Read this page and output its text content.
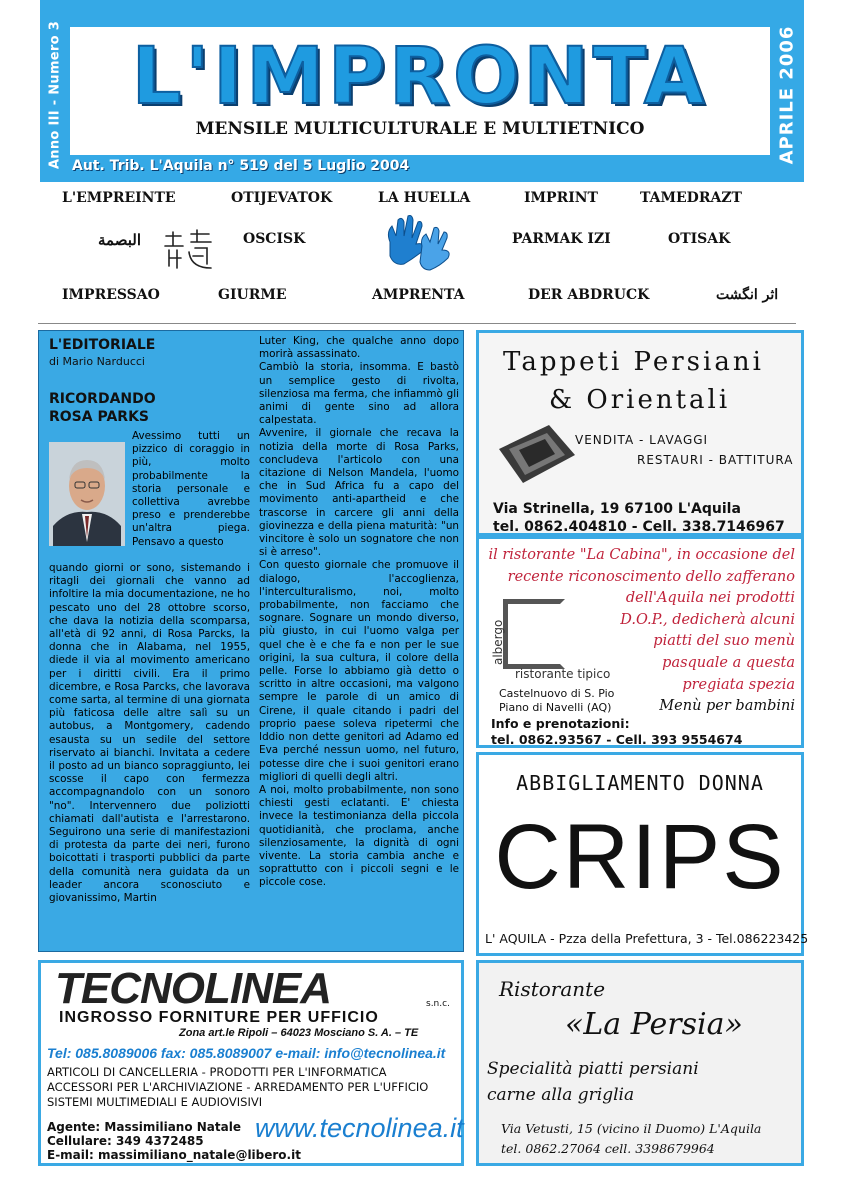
Anno III - Numero 3	APRILE 2006
L'IMPRONTA
MENSILE MULTICULTURALE E MULTIETNICO
Aut. Trib. L'Aquila n° 519 del 5 Luglio 2004
L'EMPREINTE	OTIJEVATOK	LA HUELLA	IMPRINT	TAMEDRAZT
البصمة	OSCISK	PARMAK IZI	OTISAK
IMPRESSAO	GIURME	AMPRENTA	DER ABDRUCK	اثر انگشت
L'EDITORIALE
di Mario Narducci
RICORDANDO
ROSA PARKS
Avessimo tutti un pizzico di coraggio in più, molto probabilmente la storia personale e collettiva avrebbe preso e prenderebbe un'altra piega. Pensavo a questo
quando giorni or sono, sistemando i ritagli dei giornali che vanno ad infoltire la mia documentazione, ne ho pescato uno del 28 ottobre scorso, che dava la notizia della scomparsa, all'età di 92 anni, di Rosa Parcks, la donna che in Alabama, nel 1955, diede il via al movimento americano per i diritti civili. Era il primo dicembre, e Rosa Parcks, che lavorava come sarta, al termine di una giornata più faticosa delle altre salì su un autobus, a Montgomery, cadendo esausta su un sedile del settore riservato ai bianchi. Invitata a cedere il posto ad un bianco sopraggiunto, lei scosse il capo con fermezza accompagnandolo con un sonoro "no". Intervennero due poliziotti chiamati dall'autista e l'arrestarono. Seguirono una serie di manifestazioni di protesta da parte dei neri, furono boicottati i trasporti pubblici da parte della comunità nera guidata da un leader ancora sconosciuto e giovanissimo, Martin

Luter King, che qualche anno dopo morirà assassinato.

Cambiò la storia, insomma. E bastò un semplice gesto di rivolta, silenziosa ma ferma, che infiammò gli animi di gente sino ad allora calpestata.

Avvenire, il giornale che recava la notizia della morte di Rosa Parks, concludeva l'articolo con una citazione di Nelson Mandela, l'uomo che in Sud Africa fu a capo del movimento anti-apartheid e che trascorse in carcere gli anni della giovinezza e della piena maturità: "un vincitore è solo un sognatore che non si è arreso".

Con questo giornale che promuove il dialogo, l'accoglienza, l'interculturalismo, noi, molto probabilmente, non facciamo che sognare. Sognare un mondo diverso, più giusto, in cui l'uomo valga per quel che è e che fa e non per le sue origini, la sua cultura, il colore della pelle. Forse lo abbiamo già detto o scritto in altre occasioni, ma valgono sempre le parole di un amico di Cirene, il quale citando i padri del proprio paese soleva ripetermi che Iddio non dette genitori ad Adamo ed Eva perché nessun uomo, nel futuro, potesse dire che i suoi genitori erano migliori di quelli degli altri.

A noi, molto probabilmente, non sono chiesti gesti eclatanti. E' chiesta invece la testimonianza della piccola quotidianità, che proclama, anche silenziosamente, la dignità di ogni vivente. La storia cambia anche e soprattutto con i piccoli segni e le piccole cose.

Tappeti Persiani
& Orientali
VENDITA - LAVAGGI
RESTAURI - BATTITURA
Via Strinella, 19 67100 L'Aquila
tel. 0862.404810 - Cell. 338.7146967
il ristorante "La Cabina", in occasione del
recente riconoscimento dello zafferano
dell'Aquila nei prodotti
D.O.P., dedicherà alcuni
piatti del suo menù
pasquale a questa
pregiata spezia
Menù per bambini
albergo
ristorante tipico
Castelnuovo di S. Pio
Piano di Navelli (AQ)
Info e prenotazioni:
tel. 0862.93567 - Cell. 393 9554674
ABBIGLIAMENTO DONNA
CRIPS
L' AQUILA - Pzza della Prefettura, 3 - Tel.086223425
TECNOLINEA	s.n.c.
INGROSSO FORNITURE PER UFFICIO
Zona art.le Ripoli – 64023 Mosciano S. A. – TE
Tel: 085.8089006 fax: 085.8089007 e-mail: info@tecnolinea.it
ARTICOLI DI CANCELLERIA - PRODOTTI PER L'INFORMATICA
ACCESSORI PER L'ARCHIVIAZIONE - ARREDAMENTO PER L'UFFICIO
SISTEMI MULTIMEDIALI E AUDIOVISIVI
Agente: Massimiliano Natale
Cellulare: 349 4372485
E-mail: massimiliano_natale@libero.it
www.tecnolinea.it
Ristorante
«La Persia»
Specialità piatti persiani
carne alla griglia
Via Vetusti, 15 (vicino il Duomo) L'Aquila
tel. 0862.27064 cell. 3398679964
